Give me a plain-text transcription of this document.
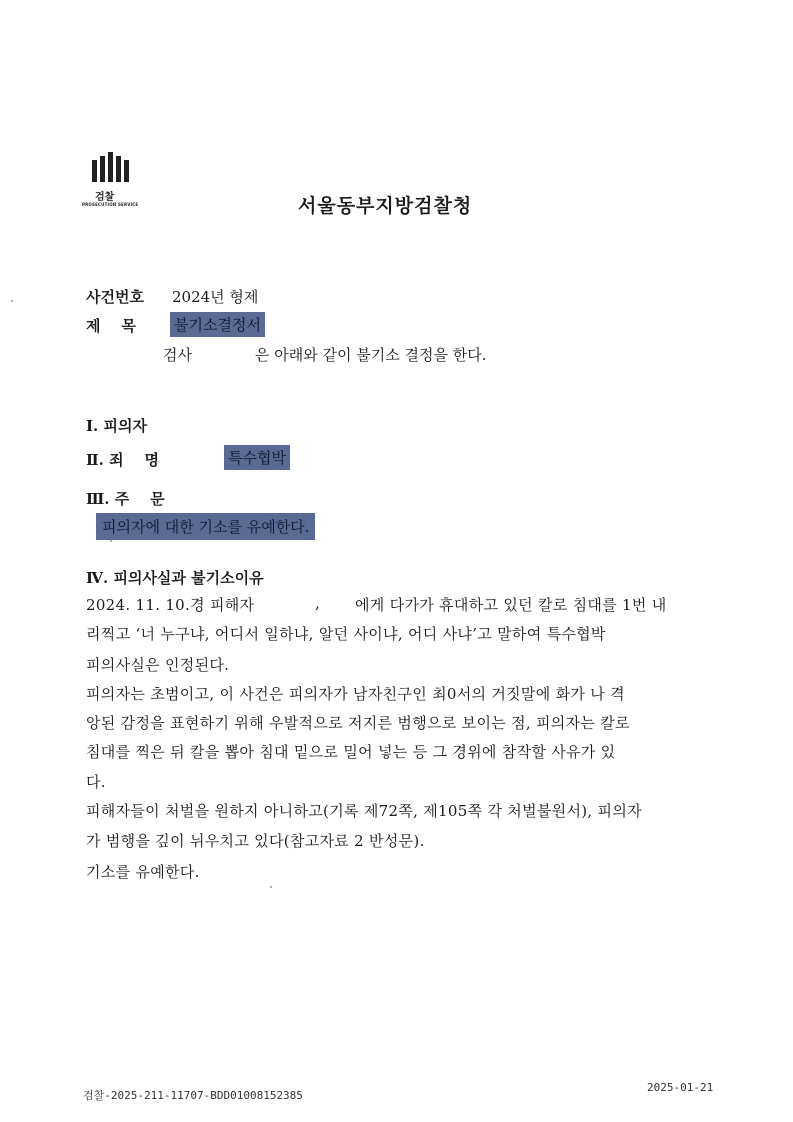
검찰
PROSECUTION SERVICE	서울동부지방검찰청
사건번호 2024년 형제
제    목	불기소결정서
검사	은 아래와 같이 불기소 결정을 한다.
Ⅰ. 피의자
Ⅱ. 죄    명	특수협박
Ⅲ. 주    문
피의자에 대한 기소를 유예한다.
Ⅳ. 피의사실과 불기소이유
2024. 11. 10.경 피해자	, 에게 다가가 휴대하고 있던 칼로 침대를 1번 내
리찍고 ‘너 누구냐, 어디서 일하냐, 알던 사이냐, 어디 사냐’고 말하여 특수협박
피의사실은 인정된다.
피의자는 초범이고, 이 사건은 피의자가 남자친구인 최0서의 거짓말에 화가 나 격
앙된 감정을 표현하기 위해 우발적으로 저지른 범행으로 보이는 점, 피의자는 칼로
침대를 찍은 뒤 칼을 뽑아 침대 밑으로 밀어 넣는 등 그 경위에 참작할 사유가 있
다.
피해자들이 처벌을 원하지 아니하고(기록 제72쪽, 제105쪽 각 처벌불원서), 피의자
가 범행을 깊이 뉘우치고 있다(참고자료 2 반성문).
기소를 유예한다.
검찰-2025-211-11707-BDD01008152385
2025-01-21
